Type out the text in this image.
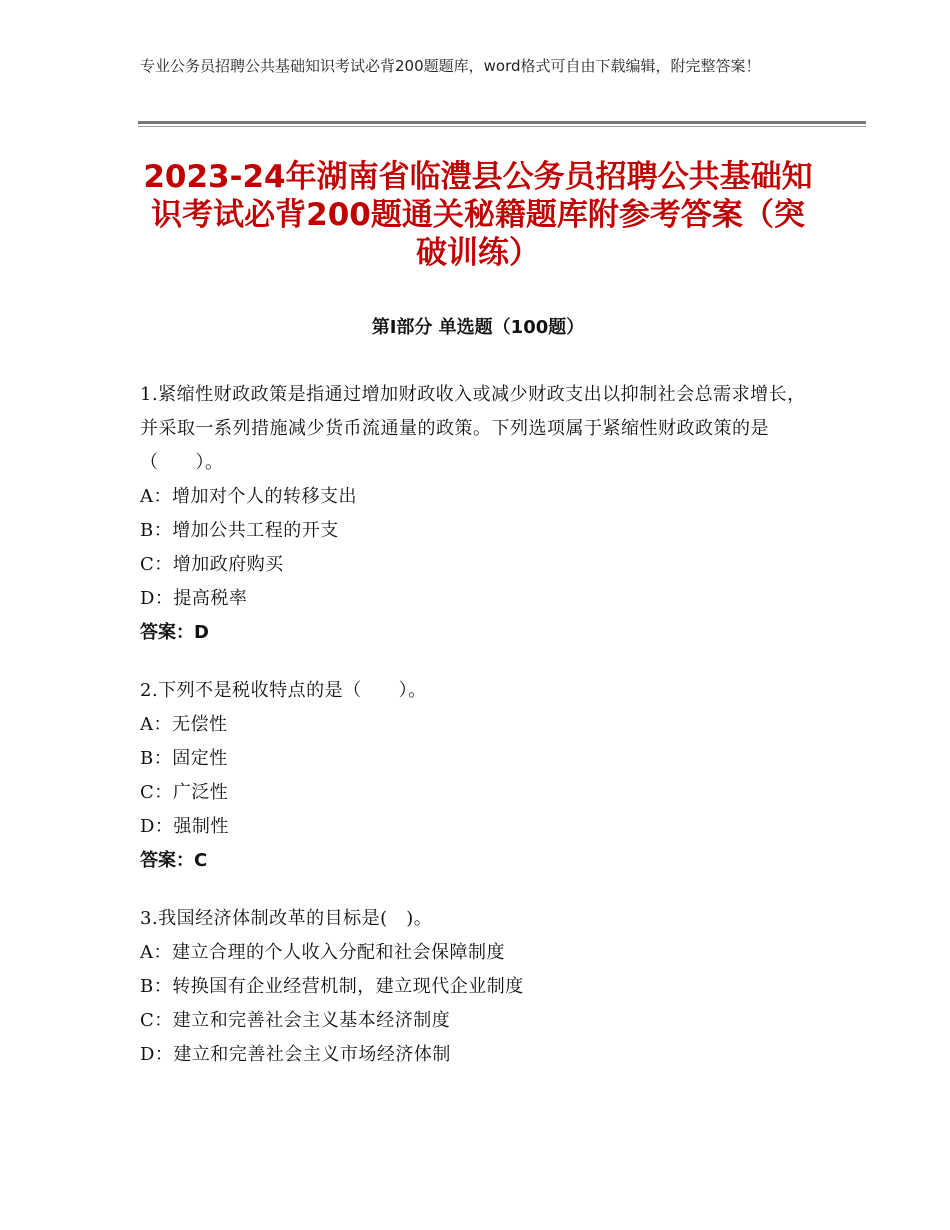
专业公务员招聘公共基础知识考试必背200题题库，word格式可自由下载编辑，附完整答案！
2023-24年湖南省临澧县公务员招聘公共基础知识考试必背200题通关秘籍题库附参考答案（突破训练）
第Ⅰ部分 单选题（100题）
1.紧缩性财政政策是指通过增加财政收入或减少财政支出以抑制社会总需求增长，并采取一系列措施减少货币流通量的政策。下列选项属于紧缩性财政政策的是（　　）。
A：增加对个人的转移支出
B：增加公共工程的开支
C：增加政府购买
D：提高税率
答案：D
2.下列不是税收特点的是（　　）。
A：无偿性
B：固定性
C：广泛性
D：强制性
答案：C
3.我国经济体制改革的目标是(　)。
A：建立合理的个人收入分配和社会保障制度
B：转换国有企业经营机制，建立现代企业制度
C：建立和完善社会主义基本经济制度
D：建立和完善社会主义市场经济体制
